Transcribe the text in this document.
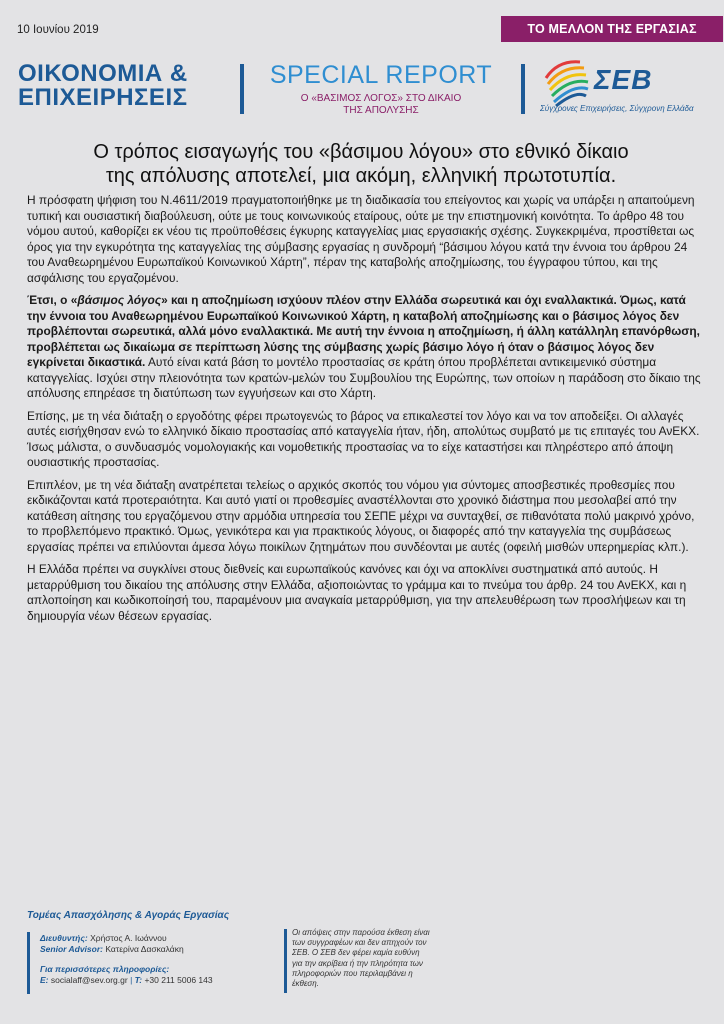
10 Ιουνίου 2019	ΤΟ ΜΕΛΛΟΝ ΤΗΣ ΕΡΓΑΣΙΑΣ
ΟΙΚΟΝΟΜΙΑ &
ΕΠΙΧΕΙΡΗΣΕΙΣ
SPECIAL REPORT
Ο «ΒΑΣΙΜΟΣ ΛΟΓΟΣ» ΣΤΟ ΔΙΚΑΙΟ
ΤΗΣ ΑΠΟΛΥΣΗΣ
ΣΕΒ
Σύγχρονες Επιχειρήσεις, Σύγχρονη Ελλάδα
Ο τρόπος εισαγωγής του «βάσιμου λόγου» στο εθνικό δίκαιο
της απόλυσης αποτελεί, μια ακόμη, ελληνική πρωτοτυπία.

Η πρόσφατη ψήφιση του Ν.4611/2019 πραγματοποιήθηκε με τη διαδικασία του επείγοντος και χωρίς να υπάρξει η απαιτούμενη τυπική και ουσιαστική διαβούλευση, ούτε με τους κοινωνικούς εταίρους, ούτε με την επιστημονική κοινότητα. Το άρθρο 48 του νόμου αυτού, καθορίζει εκ νέου τις προϋποθέσεις έγκυρης καταγγελίας μιας εργασιακής σχέσης. Συγκεκριμένα, προστίθεται ως όρος για την εγκυρότητα της καταγγελίας της σύμβασης εργασίας η συνδρομή “βάσιμου λόγου κατά την έννοια του άρθρου 24 του Αναθεωρημένου Ευρωπαϊκού Κοινωνικού Χάρτη”, πέραν της καταβολής αποζημίωσης, του έγγραφου τύπου, και της ασφάλισης του εργαζομένου.

Έτσι, ο «βάσιμος λόγος» και η αποζημίωση ισχύουν πλέον στην Ελλάδα σωρευτικά και όχι εναλλακτικά. Όμως, κατά την έννοια του Αναθεωρημένου Ευρωπαϊκού Κοινωνικού Χάρτη, η καταβολή αποζημίωσης και ο βάσιμος λόγος δεν προβλέπονται σωρευτικά, αλλά μόνο εναλλακτικά. Με αυτή την έννοια η αποζημίωση, ή άλλη κατάλληλη επανόρθωση, προβλέπεται ως δικαίωμα σε περίπτωση λύσης της σύμβασης χωρίς βάσιμο λόγο ή όταν ο βάσιμος λόγος δεν εγκρίνεται δικαστικά. Αυτό είναι κατά βάση το μοντέλο προστασίας σε κράτη όπου προβλέπεται αντικειμενικό σύστημα καταγγελίας. Ισχύει στην πλειονότητα των κρατών-μελών του Συμβουλίου της Ευρώπης, των οποίων η παράδοση στο δίκαιο της απόλυσης επηρέασε τη διατύπωση των εγγυήσεων και στο Χάρτη.

Επίσης, με τη νέα διάταξη ο εργοδότης φέρει πρωτογενώς το βάρος να επικαλεστεί τον λόγο και να τον αποδείξει. Οι αλλαγές αυτές εισήχθησαν ενώ το ελληνικό δίκαιο προστασίας από καταγγελία ήταν, ήδη, απολύτως συμβατό με τις επιταγές του ΑνΕΚΧ. Ίσως μάλιστα, ο συνδυασμός νομολογιακής και νομοθετικής προστασίας να το είχε καταστήσει και πληρέστερο από άποψη ουσιαστικής προστασίας.

Επιπλέον, με τη νέα διάταξη ανατρέπεται τελείως ο αρχικός σκοπός του νόμου για σύντομες αποσβεστικές προθεσμίες που εκδικάζονται κατά προτεραιότητα. Και αυτό γιατί οι προθεσμίες αναστέλλονται στο χρονικό διάστημα που μεσολαβεί από την κατάθεση αίτησης του εργαζόμενου στην αρμόδια υπηρεσία του ΣΕΠΕ μέχρι να συνταχθεί, σε πιθανότατα πολύ μακρινό χρόνο, το προβλεπόμενο πρακτικό. Όμως, γενικότερα και για πρακτικούς λόγους, οι διαφορές από την καταγγελία της συμβάσεως εργασίας πρέπει να επιλύονται άμεσα λόγω ποικίλων ζητημάτων που συνδέονται με αυτές (οφειλή μισθών υπερημερίας κλπ.).

Η Ελλάδα πρέπει να συγκλίνει στους διεθνείς και ευρωπαϊκούς κανόνες και όχι να αποκλίνει συστηματικά από αυτούς. Η μεταρρύθμιση του δικαίου της απόλυσης στην Ελλάδα, αξιοποιώντας το γράμμα και το πνεύμα του άρθρ. 24 του ΑνΕΚΧ, και η απλοποίηση και κωδικοποίησή του, παραμένουν μια αναγκαία μεταρρύθμιση, για την απελευθέρωση των προσλήψεων και τη δημιουργία νέων θέσεων εργασίας.

Τομέας Απασχόλησης & Αγοράς Εργασίας
Διευθυντής: Χρήστος Α. Ιωάννου
Senior Advisor: Κατερίνα Δασκαλάκη
Για περισσότερες πληροφορίες:
E: socialaff@sev.org.gr | T: +30 211 5006 143
Οι απόψεις στην παρούσα έκθεση είναι των συγγραφέων και δεν απηχούν τον ΣΕΒ. Ο ΣΕΒ δεν φέρει καμία ευθύνη για την ακρίβεια ή την πληρότητα των πληροφοριών που περιλαμβάνει η έκθεση.
